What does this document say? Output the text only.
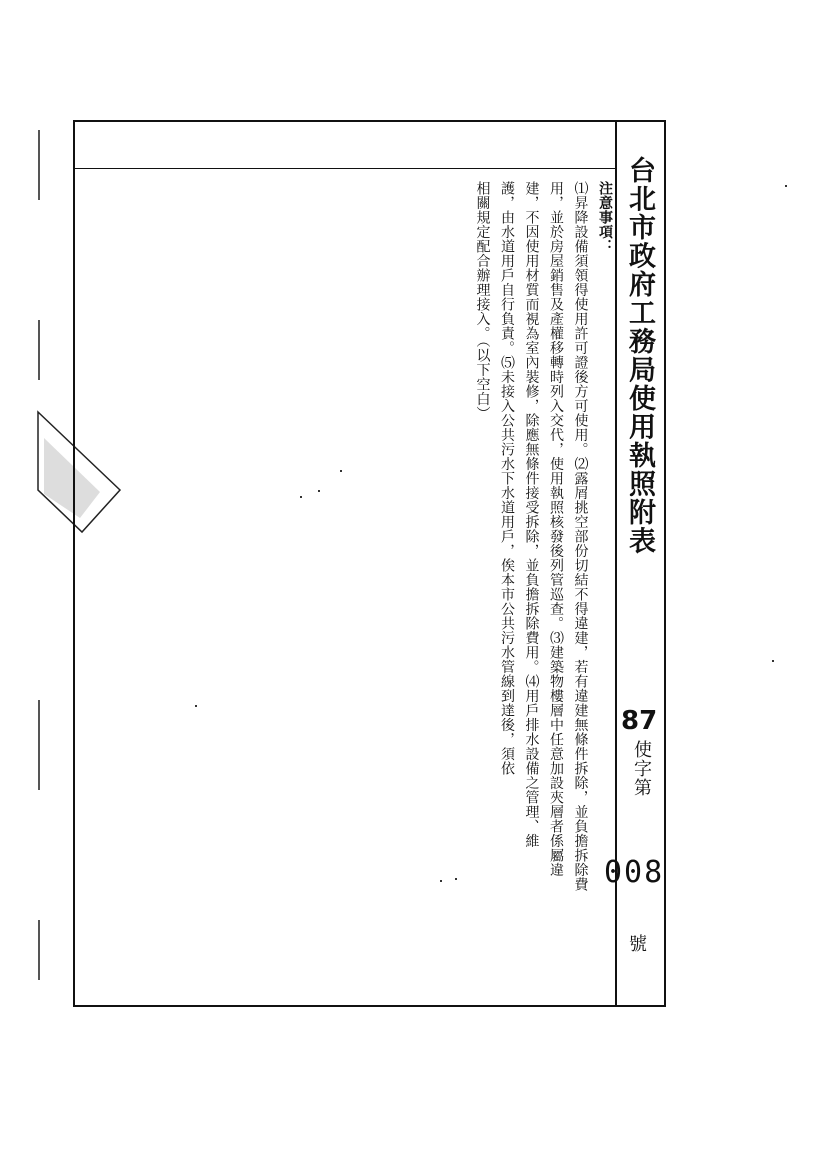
台北市政府工務局使用執照附表
87
使字第
008
號

注意事項：

⑴昇降設備須領得使用許可證後方可使用。⑵露屑挑空部份切結不得違建，若有違建無條件拆除，並負擔拆除費

用，並於房屋銷售及產權移轉時列入交代，使用執照核發後列管巡查。⑶建築物樓層中任意加設夾層者係屬違

建，不因使用材質而視為室內裝修，除應無條件接受拆除，並負擔拆除費用。⑷用戶排水設備之管理、維

護，由水道用戶自行負責。⑸未接入公共污水下水道用戶，俟本市公共污水管線到達後，須依

相關規定配合辦理接入。（以下空白）
